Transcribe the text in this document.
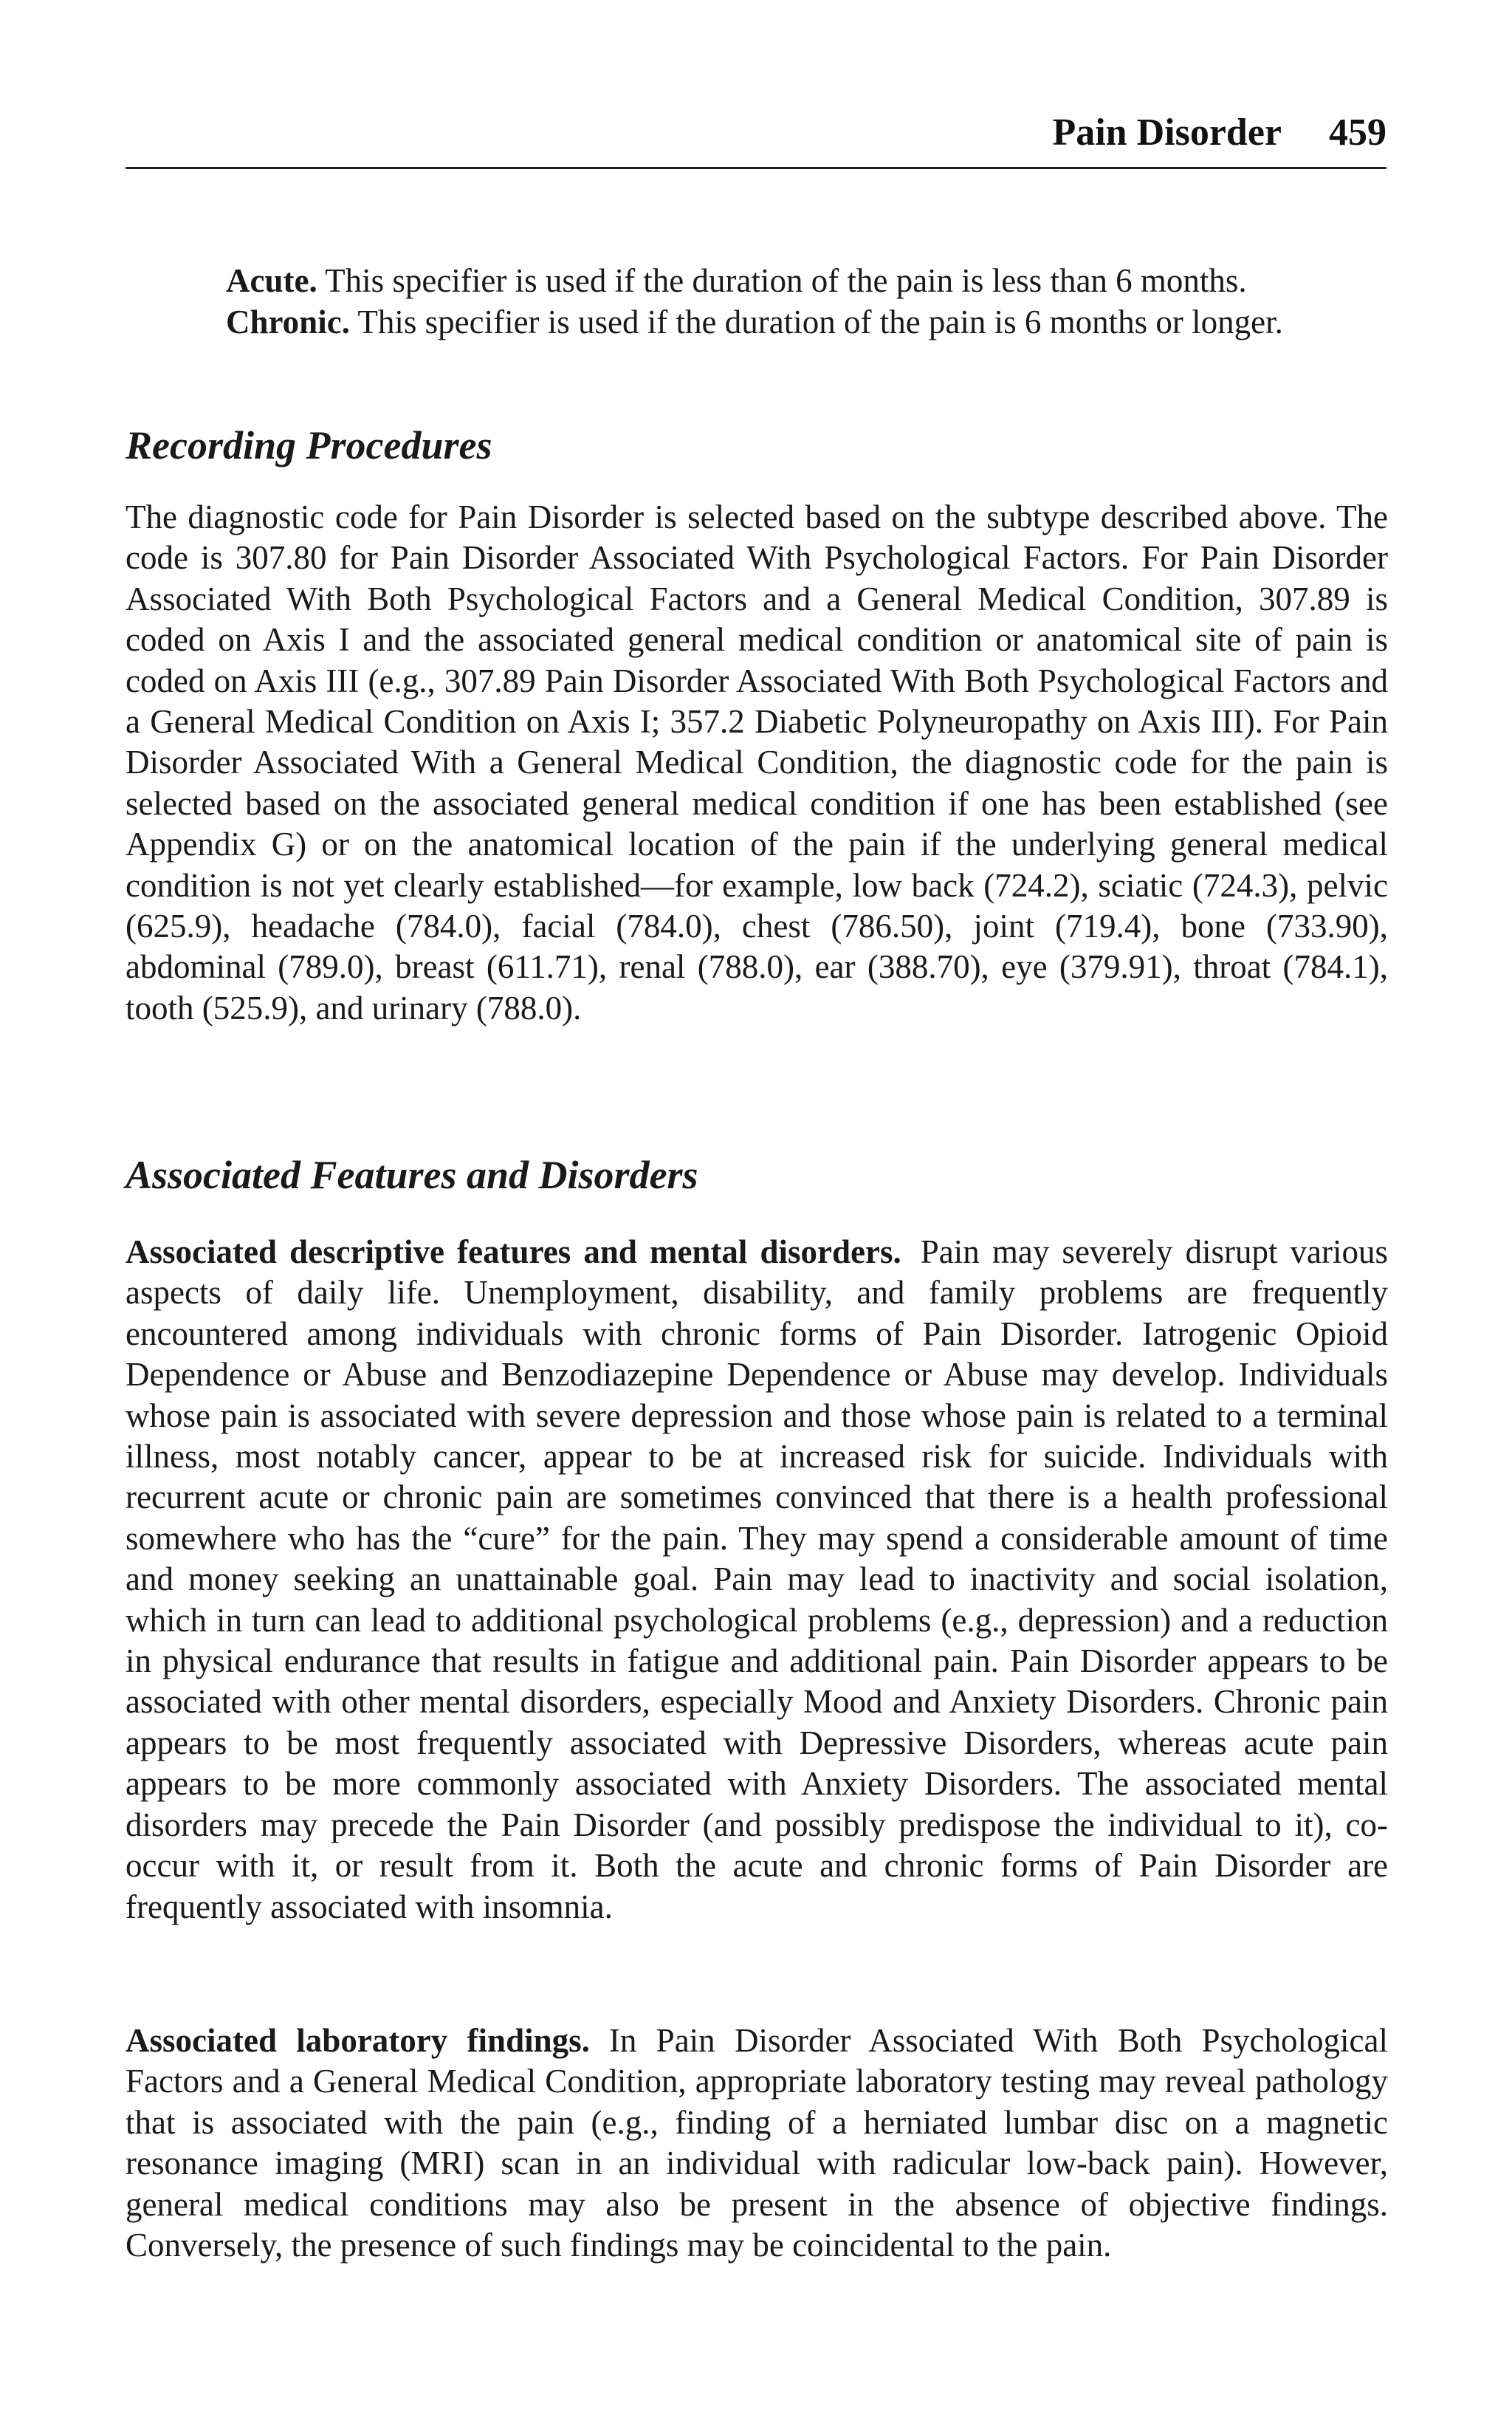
Pain Disorder 459

Acute. This specifier is used if the duration of the pain is less than 6 months.

Chronic. This specifier is used if the duration of the pain is 6 months or longer.

Recording Procedures

The diagnostic code for Pain Disorder is selected based on the subtype described above. The code is 307.80 for Pain Disorder Associated With Psychological Factors. For Pain Disorder Associated With Both Psychological Factors and a General Medical Condition, 307.89 is coded on Axis I and the associated general medical condition or anatomical site of pain is coded on Axis III (e.g., 307.89 Pain Disorder Associated With Both Psychological Factors and a General Medical Condition on Axis I; 357.2 Diabetic Polyneuropathy on Axis III). For Pain Disorder Associated With a General Medical Condition, the diagnostic code for the pain is selected based on the associated general medical condition if one has been established (see Appendix G) or on the anatomical location of the pain if the underlying general medical condition is not yet clearly established—for example, low back (724.2), sciatic (724.3), pelvic (625.9), headache (784.0), facial (784.0), chest (786.50), joint (719.4), bone (733.90), abdominal (789.0), breast (611.71), renal (788.0), ear (388.70), eye (379.91), throat (784.1), tooth (525.9), and urinary (788.0).

Associated Features and Disorders

Associated descriptive features and mental disorders. Pain may severely disrupt various aspects of daily life. Unemployment, disability, and family problems are frequently encountered among individuals with chronic forms of Pain Disorder. Iatrogenic Opioid Dependence or Abuse and Benzodiazepine Dependence or Abuse may develop. Individuals whose pain is associated with severe depression and those whose pain is related to a terminal illness, most notably cancer, appear to be at increased risk for suicide. Individuals with recurrent acute or chronic pain are sometimes convinced that there is a health professional somewhere who has the “cure” for the pain. They may spend a considerable amount of time and money seeking an unattainable goal. Pain may lead to inactivity and social isolation, which in turn can lead to additional psychological problems (e.g., depression) and a reduction in physical endurance that results in fatigue and additional pain. Pain Disorder appears to be associated with other mental disorders, especially Mood and Anxiety Disorders. Chronic pain appears to be most frequently associated with Depressive Disorders, whereas acute pain appears to be more commonly associated with Anxiety Disorders. The associated mental disorders may precede the Pain Disorder (and possibly predispose the individual to it), co-occur with it, or result from it. Both the acute and chronic forms of Pain Disorder are frequently associated with insomnia.

Associated laboratory findings. In Pain Disorder Associated With Both Psychological Factors and a General Medical Condition, appropriate laboratory testing may reveal pathology that is associated with the pain (e.g., finding of a herniated lumbar disc on a magnetic resonance imaging (MRI) scan in an individual with radicular low-back pain). However, general medical conditions may also be present in the absence of objective findings. Conversely, the presence of such findings may be coincidental to the pain.
